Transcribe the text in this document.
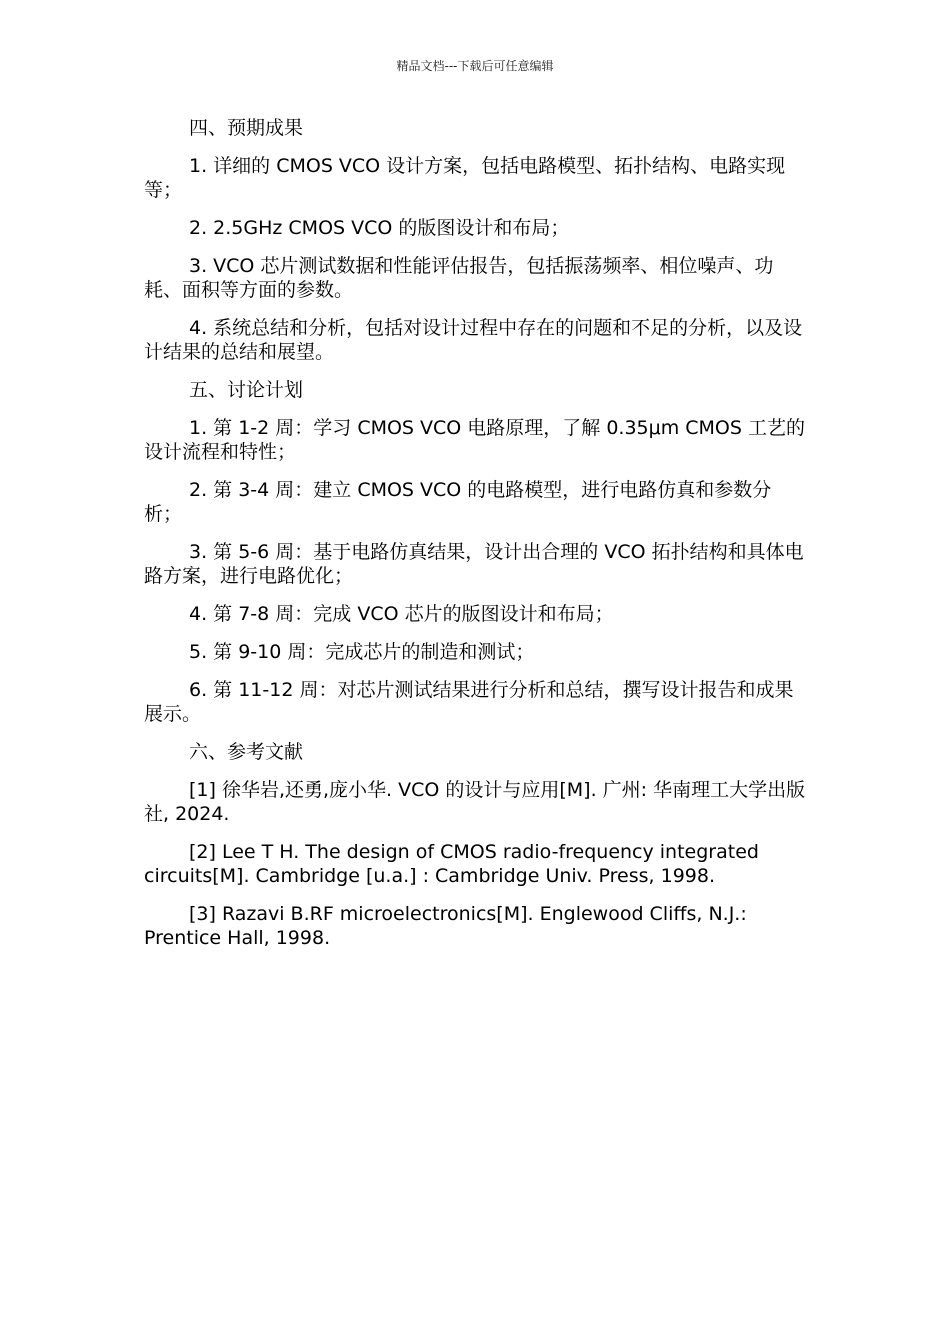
精品文档---下载后可任意编辑

四、预期成果

1. 详细的 CMOS VCO 设计方案，包括电路模型、拓扑结构、电路实现等；

2. 2.5GHz CMOS VCO 的版图设计和布局；

3. VCO 芯片测试数据和性能评估报告，包括振荡频率、相位噪声、功耗、面积等方面的参数。

4. 系统总结和分析，包括对设计过程中存在的问题和不足的分析，以及设计结果的总结和展望。

五、讨论计划

1. 第 1-2 周：学习 CMOS VCO 电路原理，了解 0.35μm CMOS 工艺的设计流程和特性；

2. 第 3-4 周：建立 CMOS VCO 的电路模型，进行电路仿真和参数分析；

3. 第 5-6 周：基于电路仿真结果，设计出合理的 VCO 拓扑结构和具体电路方案，进行电路优化；

4. 第 7-8 周：完成 VCO 芯片的版图设计和布局；

5. 第 9-10 周：完成芯片的制造和测试；

6. 第 11-12 周：对芯片测试结果进行分析和总结，撰写设计报告和成果展示。

六、参考文献

[1] 徐华岩,还勇,庞小华. VCO 的设计与应用[M]. 广州: 华南理工大学出版社, 2024.

[2] Lee T H. The design of CMOS radio-frequency integrated circuits[M]. Cambridge [u.a.] : Cambridge Univ. Press, 1998.

[3] Razavi B.RF microelectronics[M]. Englewood Cliffs, N.J.: Prentice Hall, 1998.
